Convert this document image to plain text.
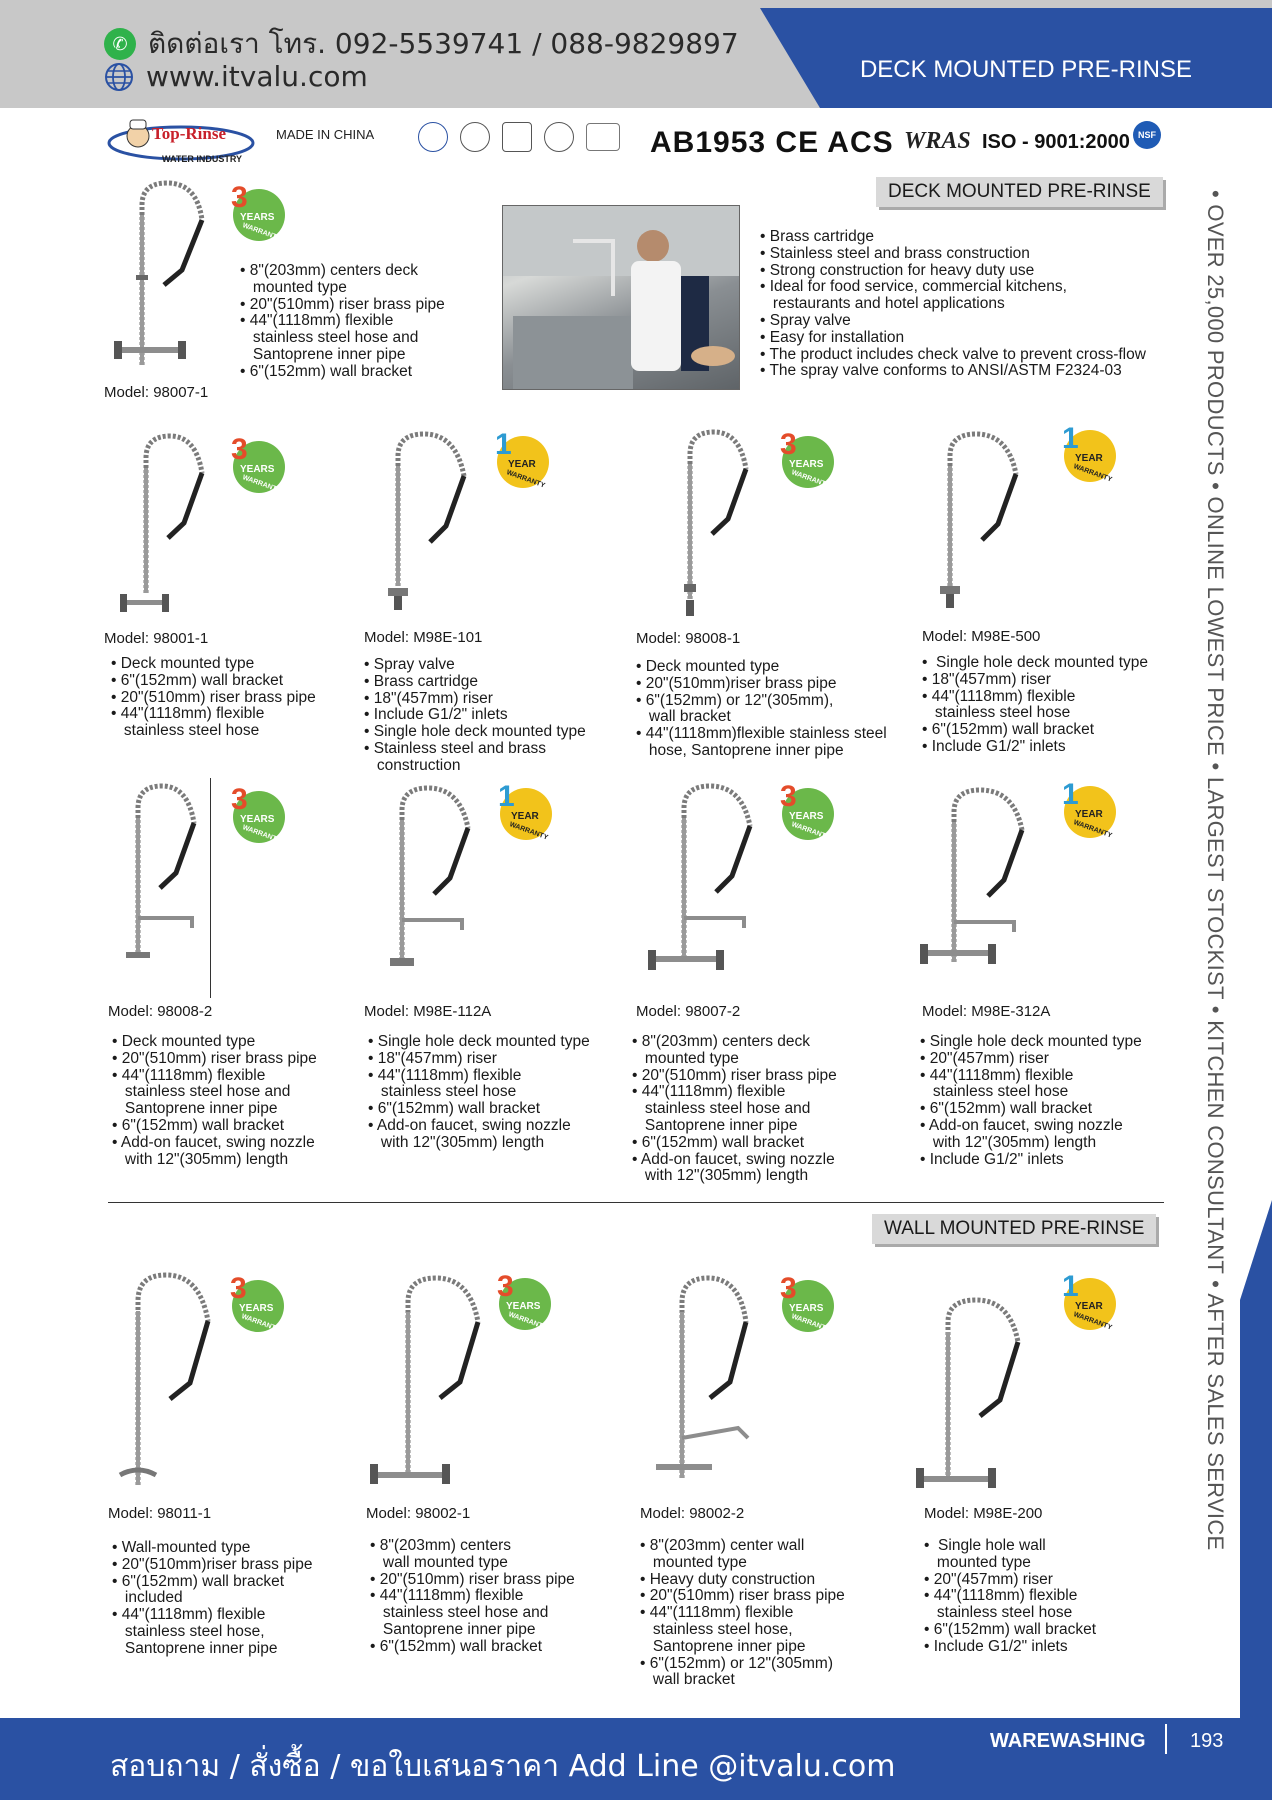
DECK MOUNTED PRE-RINSE
✆ ติดต่อเรา โทร. 092-5539741 / 088-9829897
www.itvalu.com
Top-Rinse
WATER INDUSTRY
MADE IN CHINA	AB1953 CE ACS WRAS ISO - 9001:2000 NSF
DECK MOUNTED PRE-RINSE
WALL MOUNTED PRE-RINSE
• Brass cartridge
• Stainless steel and brass construction
• Strong construction for heavy duty use
• Ideal for food service, commercial kitchens,
restaurants and hotel applications
• Spray valve
• Easy for installation
• The product includes check valve to prevent cross-flow
• The spray valve conforms to ANSI/ASTM F2324-03
3
YEARS
WARRANTY
• 8"(203mm) centers deck
mounted type
• 20"(510mm) riser brass pipe
• 44"(1118mm) flexible
stainless steel hose and
Santoprene inner pipe
• 6"(152mm) wall bracket
Model: 98007-1
3
YEARS
WARRANTY
Model: 98001-1
• Deck mounted type
• 6"(152mm) wall bracket
• 20"(510mm) riser brass pipe
• 44"(1118mm) flexible
stainless steel hose
1
YEAR
WARRANTY
Model: M98E-101
• Spray valve
• Brass cartridge
• 18"(457mm) riser
• Include G1/2" inlets
• Single hole deck mounted type
• Stainless steel and brass
construction
3
YEARS
WARRANTY
Model: 98008-1
• Deck mounted type
• 20"(510mm)riser brass pipe
• 6"(152mm) or 12"(305mm),
wall bracket
• 44"(1118mm)flexible stainless steel
hose, Santoprene inner pipe
1
YEAR
WARRANTY
Model: M98E-500
•  Single hole deck mounted type
• 18"(457mm) riser
• 44"(1118mm) flexible
stainless steel hose
• 6"(152mm) wall bracket
• Include G1/2" inlets
3
YEARS
WARRANTY
Model: 98008-2
• Deck mounted type
• 20"(510mm) riser brass pipe
• 44"(1118mm) flexible
stainless steel hose and
Santoprene inner pipe
• 6"(152mm) wall bracket
• Add-on faucet, swing nozzle
with 12"(305mm) length
1
YEAR
WARRANTY
Model: M98E-112A
• Single hole deck mounted type
• 18"(457mm) riser
• 44"(1118mm) flexible
stainless steel hose
• 6"(152mm) wall bracket
• Add-on faucet, swing nozzle
with 12"(305mm) length
3
YEARS
WARRANTY
Model: 98007-2
• 8"(203mm) centers deck
mounted type
• 20"(510mm) riser brass pipe
• 44"(1118mm) flexible
stainless steel hose and
Santoprene inner pipe
• 6"(152mm) wall bracket
• Add-on faucet, swing nozzle
with 12"(305mm) length
1
YEAR
WARRANTY
Model: M98E-312A
• Single hole deck mounted type
• 20"(457mm) riser
• 44"(1118mm) flexible
stainless steel hose
• 6"(152mm) wall bracket
• Add-on faucet, swing nozzle
with 12"(305mm) length
• Include G1/2" inlets
3
YEARS
WARRANTY
Model: 98011-1
• Wall-mounted type
• 20"(510mm)riser brass pipe
• 6"(152mm) wall bracket
included
• 44"(1118mm) flexible
stainless steel hose,
Santoprene inner pipe
3
YEARS
WARRANTY
Model: 98002-1
• 8"(203mm) centers
wall mounted type
• 20"(510mm) riser brass pipe
• 44"(1118mm) flexible
stainless steel hose and
Santoprene inner pipe
• 6"(152mm) wall bracket
3
YEARS
WARRANTY
Model: 98002-2
• 8"(203mm) center wall
mounted type
• Heavy duty construction
• 20"(510mm) riser brass pipe
• 44"(1118mm) flexible
stainless steel hose,
Santoprene inner pipe
• 6"(152mm) or 12"(305mm)
wall bracket
1
YEAR
WARRANTY
Model: M98E-200
•  Single hole wall
mounted type
• 20"(457mm) riser
• 44"(1118mm) flexible
stainless steel hose
• 6"(152mm) wall bracket
• Include G1/2" inlets
• OVER 25,000 PRODUCTS • ONLINE LOWEST PRICE • LARGEST STOCKIST • KITCHEN CONSULTANT • AFTER SALES SERVICE
สอบถาม / สั่งซื้อ / ขอใบเสนอราคา Add Line @itvalu.com
WAREWASHING 193
